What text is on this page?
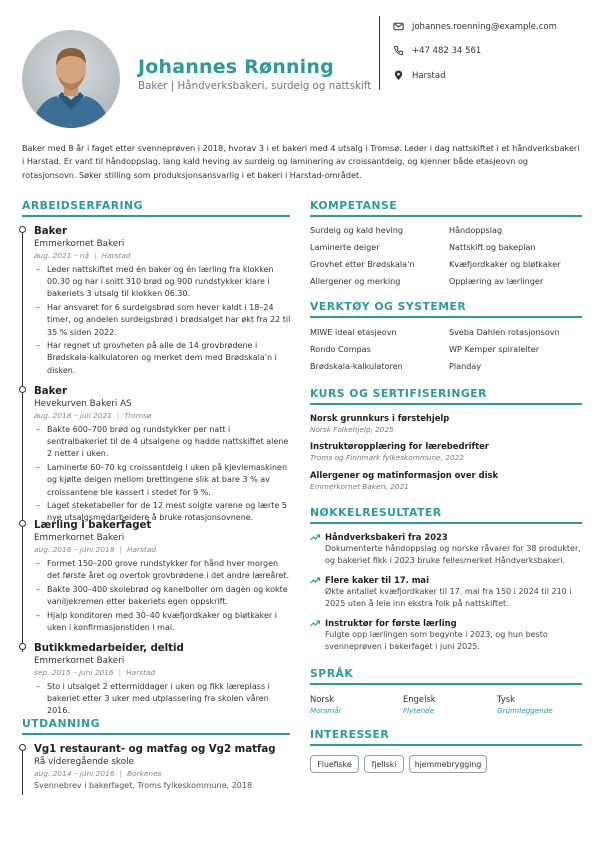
Johannes Rønning
Baker | Håndverksbakeri, surdeig og nattskift
johannes.roenning@example.com
+47 482 34 561
Harstad
Baker med 8 år i faget etter svenneprøven i 2018, hvorav 3 i et bakeri med 4 utsalg i Tromsø. Leder i dag nattskiftet i et håndverksbakeri i Harstad. Er vant til håndoppslag, lang kald heving av surdeig og laminering av croissantdeig, og kjenner både etasjeovn og rotasjonsovn. Søker stilling som produksjonsansvarlig i et bakeri i Harstad-området.
ARBEIDSERFARING
Baker
Emmerkornet Bakeri
aug. 2021 – nå | Harstad
– Leder nattskiftet med én baker og én lærling fra klokken 00.30 og har i snitt 310 brød og 900 rundstykker klare i bakeriets 3 utsalg til klokken 06.30.
– Har ansvaret for 6 surdeigsbrød som hever kaldt i 18–24 timer, og andelen surdeigsbrød i brødsalget har økt fra 22 til 35 % siden 2022.
– Har regnet ut grovheten på alle de 14 grovbrødene i Brødskala-kalkulatoren og merket dem med Brødskala'n i disken.
Baker
Hevekurven Bakeri AS
aug. 2018 – juli 2021 | Tromsø
– Bakte 600–700 brød og rundstykker per natt i sentralbakeriet til de 4 utsalgene og hadde nattskiftet alene 2 netter i uken.
– Laminerte 60–70 kg croissantdeig i uken på kjevlemaskinen og kjølte deigen mellom brettingene slik at bare 3 % av croissantene ble kassert i stedet for 9 %.
– Laget steketabeller for de 12 mest solgte varene og lærte 5 nye utsalgsmedarbeidere å bruke rotasjonsovnene.
Lærling i bakerfaget
Emmerkornet Bakeri
aug. 2016 – juni 2018 | Harstad
– Formet 150–200 grove rundstykker for hånd hver morgen det første året og overtok grovbrødene i det andre læreåret.
– Bakte 300–400 skolebrød og kanelboller om dagen og kokte vaniljekremen etter bakeriets egen oppskrift.
– Hjalp konditoren med 30–40 kvæfjordkaker og bløtkaker i uken i konfirmasjonstiden i mai.
Butikkmedarbeider, deltid
Emmerkornet Bakeri
sep. 2015 – juni 2016 | Harstad
– Sto i utsalget 2 ettermiddager i uken og fikk læreplass i bakeriet etter 3 uker med utplassering fra skolen våren 2016.
UTDANNING
Vg1 restaurant- og matfag og Vg2 matfag
Rå videregående skole
aug. 2014 – juni 2016 | Borkenes
Svennebrev i bakerfaget, Troms fylkeskommune, 2018
KOMPETANSE
Surdeig og kald heving	Håndoppslag
Laminerte deiger	Nattskift og bakeplan
Grovhet etter Brødskala'n	Kvæfjordkaker og bløtkaker
Allergener og merking	Opplæring av lærlinger
VERKTØY OG SYSTEMER
MIWE ideal etasjeovn	Sveba Dahlen rotasjonsovn
Rondo Compas	WP Kemper spiralelter
Brødskala-kalkulatoren	Planday
KURS OG SERTIFISERINGER
Norsk grunnkurs i førstehjelp
Norsk Folkehjelp, 2025
Instruktøropplæring for lærebedrifter
Troms og Finnmark fylkeskommune, 2022
Allergener og matinformasjon over disk
Emmerkornet Bakeri, 2021
NØKKELRESULTATER
Håndverksbakeri fra 2023
Dokumenterte håndoppslag og norske råvarer for 38 produkter, og bakeriet fikk i 2023 bruke fellesmerket Håndverksbakeri.
Flere kaker til 17. mai
Økte antallet kvæfjordkaker til 17. mai fra 150 i 2024 til 210 i 2025 uten å leie inn ekstra folk på nattskiftet.
Instruktør for første lærling
Fulgte opp lærlingen som begynte i 2023, og hun besto svenneprøven i bakerfaget i juni 2025.
SPRÅK
Norsk
Morsmål
Engelsk
Flytende
Tysk
Grunnleggende
INTERESSER
Fluefiske	fjellski	hjemmebrygging
